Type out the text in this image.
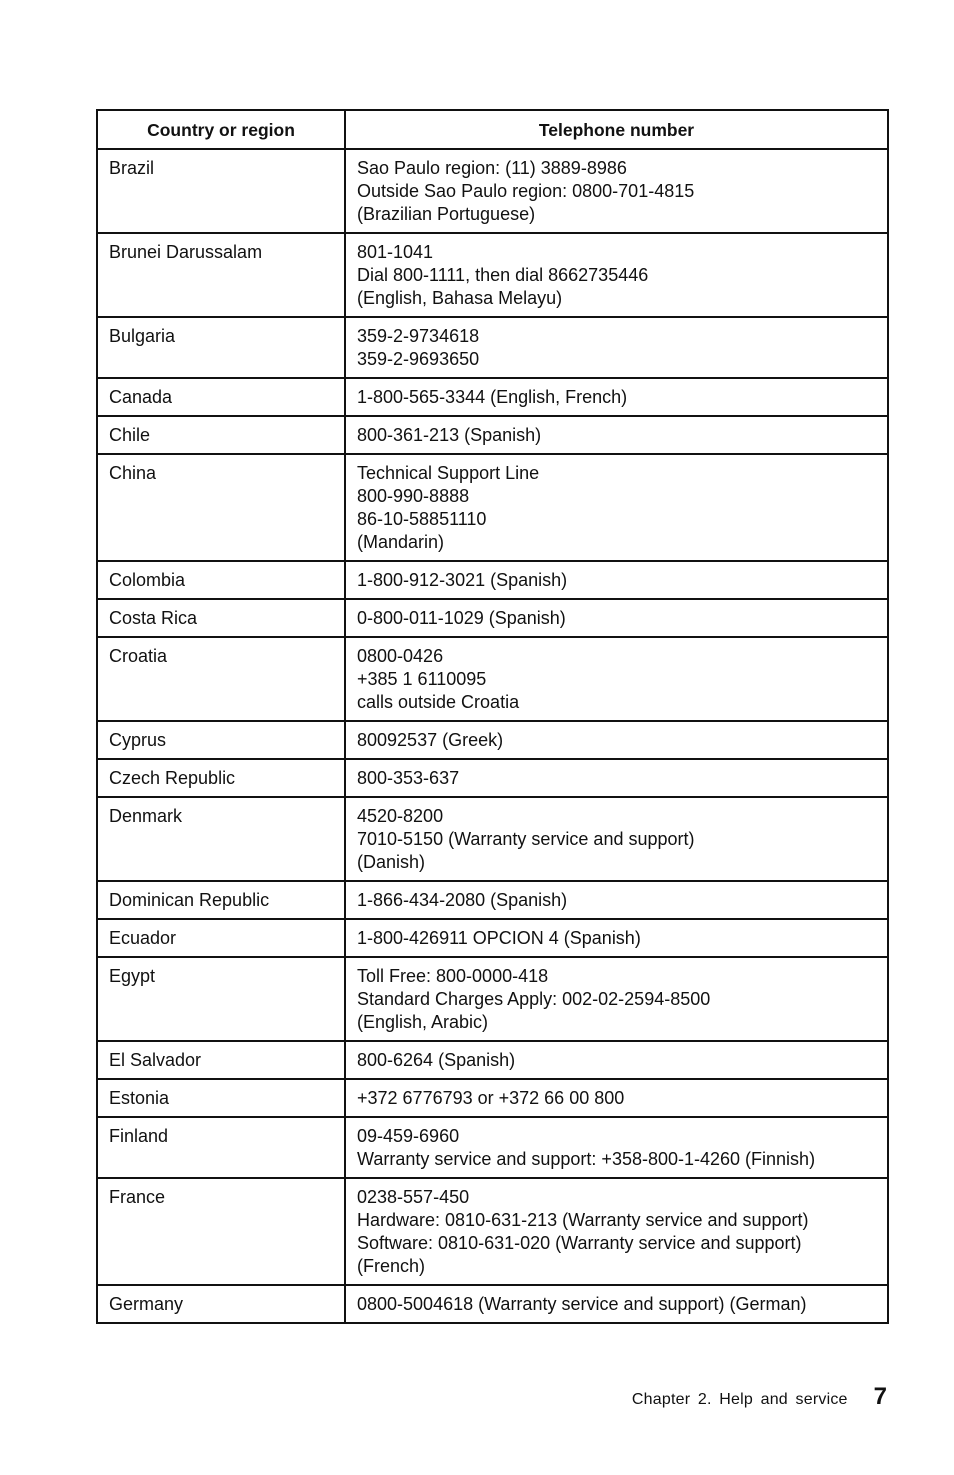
Country or region	Telephone number
Brazil	Sao Paulo region: (11) 3889-8986
Outside Sao Paulo region: 0800-701-4815
(Brazilian Portuguese)

Brunei Darussalam	801-1041
Dial 800-1111, then dial 8662735446
(English, Bahasa Melayu)

Bulgaria	359-2-9734618
359-2-9693650

Canada	1-800-565-3344 (English, French)

Chile	800-361-213 (Spanish)

China	Technical Support Line
800-990-8888
86-10-58851110
(Mandarin)

Colombia	1-800-912-3021 (Spanish)

Costa Rica	0-800-011-1029 (Spanish)

Croatia	0800-0426
+385 1 6110095
calls outside Croatia

Cyprus	80092537 (Greek)

Czech Republic	800-353-637

Denmark	4520-8200
7010-5150 (Warranty service and support)
(Danish)

Dominican Republic	1-866-434-2080 (Spanish)

Ecuador	1-800-426911 OPCION 4 (Spanish)

Egypt	Toll Free: 800-0000-418
Standard Charges Apply: 002-02-2594-8500
(English, Arabic)

El Salvador	800-6264 (Spanish)

Estonia	+372 6776793 or +372 66 00 800

Finland	09-459-6960
Warranty service and support: +358-800-1-4260 (Finnish)

France	0238-557-450
Hardware: 0810-631-213 (Warranty service and support)
Software: 0810-631-020 (Warranty service and support)
(French)

Germany	0800-5004618 (Warranty service and support) (German)
Chapter 2. Help and service 7
